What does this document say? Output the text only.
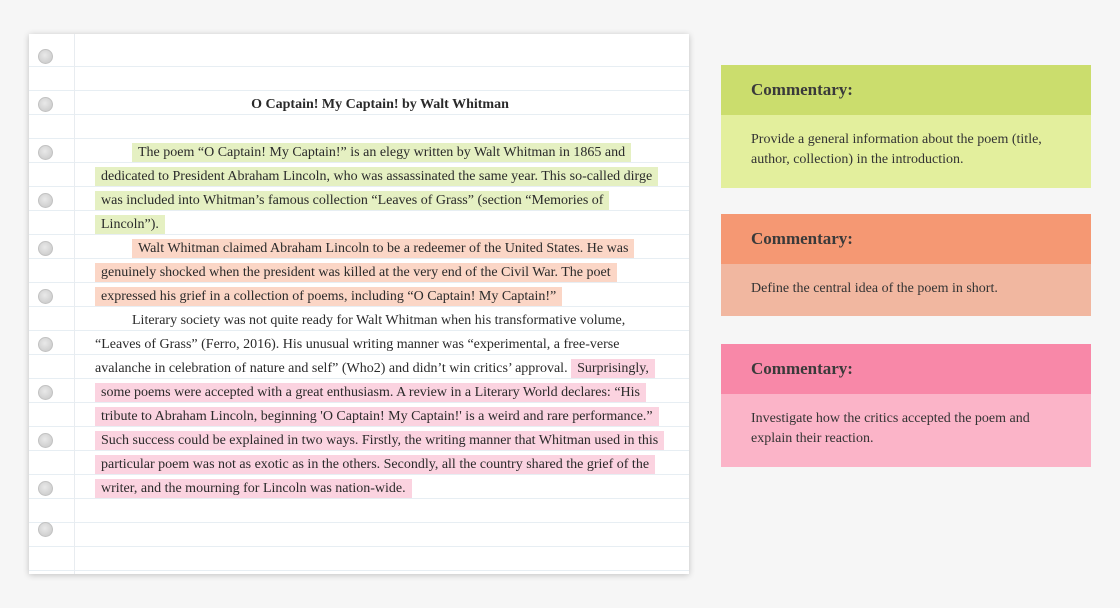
O Captain! My Captain! by Walt Whitman

The poem “O Captain! My Captain!” is an elegy written by Walt Whitman in 1865 and dedicated to President Abraham Lincoln, who was assassinated the same year. This so-called dirge was included into Whitman’s famous collection “Leaves of Grass” (section “Memories of Lincoln”).

Walt Whitman claimed Abraham Lincoln to be a redeemer of the United States. He was genuinely shocked when the president was killed at the very end of the Civil War. The poet expressed his grief in a collection of poems, including “O Captain! My Captain!”

Literary society was not quite ready for Walt Whitman when his transformative volume, “Leaves of Grass” (Ferro, 2016). His unusual writing manner was “experimental, a free-verse avalanche in celebration of nature and self” (Who2) and didn’t win critics’ approval. Surprisingly, some poems were accepted with a great enthusiasm. A review in a Literary World declares: “His tribute to Abraham Lincoln, beginning 'O Captain! My Captain!' is a weird and rare performance.” Such success could be explained in two ways. Firstly, the writing manner that Whitman used in this particular poem was not as exotic as in the others. Secondly, all the country shared the grief of the writer, and the mourning for Lincoln was nation-wide.

Commentary:
Provide a general information about the poem (title, author, collection) in the introduction.
Commentary:
Define the central idea of the poem in short.
Commentary:
Investigate how the critics accepted the poem and explain their reaction.
